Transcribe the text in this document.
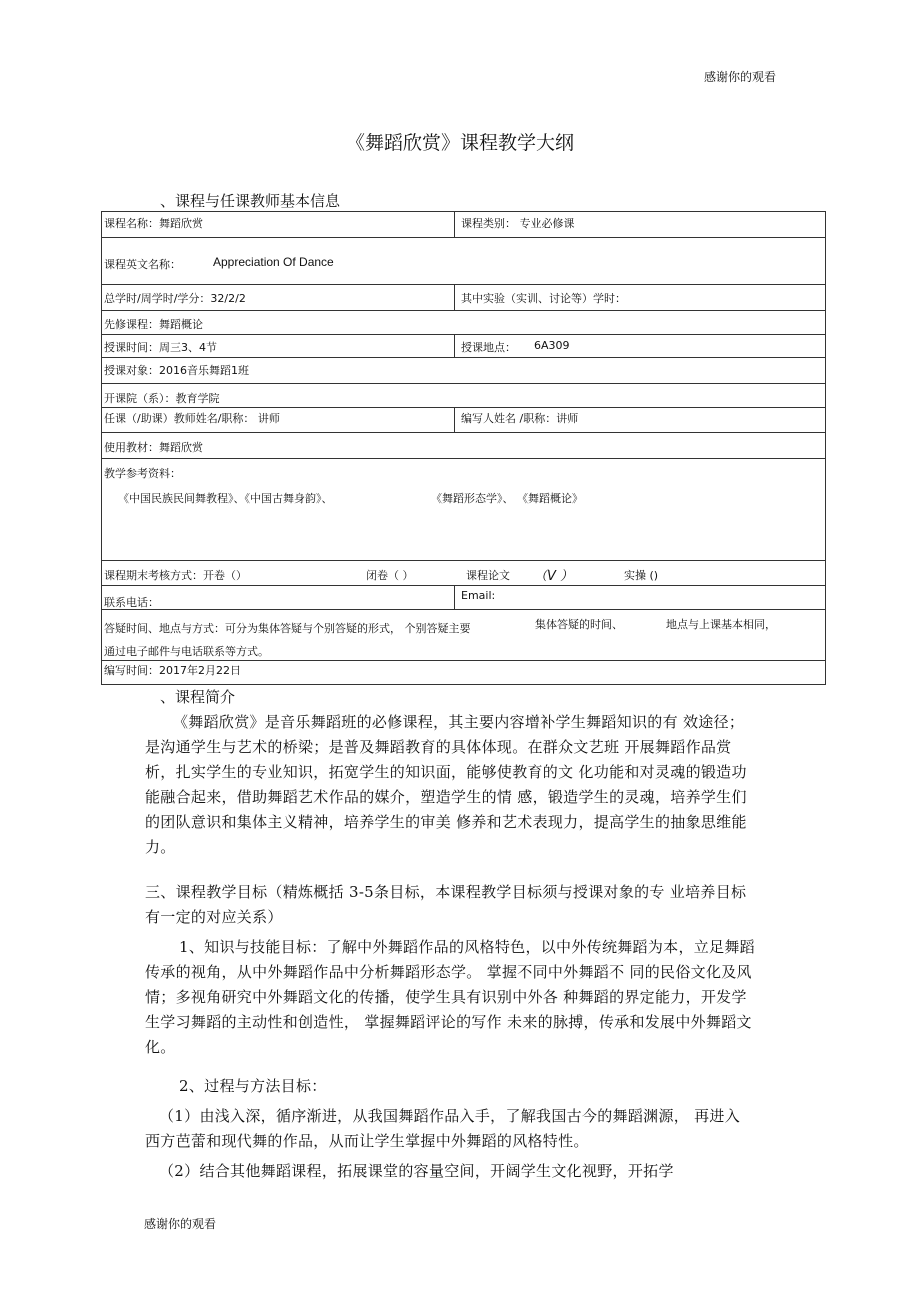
感谢你的观看
《舞蹈欣赏》课程教学大纲
、课程与任课教师基本信息
课程名称：舞蹈欣赏	课程类别： 专业必修课
课程英文名称：	Appreciation Of Dance
总学时/周学时/学分：32/2/2	其中实验（实训、讨论等）学时：
先修课程：舞蹈概论
授课时间：周三3、4节	授课地点： 6A309
授课对象：2016音乐舞蹈1班
开课院（系）：教育学院
任课（/助课）教师姓名/职称： 讲师	编写人姓名 /职称：讲师
使用教材：舞蹈欣赏
教学参考资料：
《中国民族民间舞教程》、《中国古舞身韵》、	《舞蹈形态学》、 《舞蹈概论》
课程期末考核方式：开卷（）	闭卷（ ）	课程论文 （V ）	实操 ()
联系电话：
Email:
答疑时间、地点与方式：可分为集体答疑与个别答疑的形式， 个别答疑主要	集体答疑的时间、	地点与上课基本相同，
通过电子邮件与电话联系等方式。
编写时间：2017年2月22日
、课程简介
《舞蹈欣赏》是音乐舞蹈班的必修课程，其主要内容增补学生舞蹈知识的有 效途径；
是沟通学生与艺术的桥梁；是普及舞蹈教育的具体体现。在群众文艺班 开展舞蹈作品赏
析，扎实学生的专业知识，拓宽学生的知识面，能够使教育的文 化功能和对灵魂的锻造功
能融合起来，借助舞蹈艺术作品的媒介，塑造学生的情 感，锻造学生的灵魂，培养学生们
的团队意识和集体主义精神，培养学生的审美 修养和艺术表现力，提高学生的抽象思维能
力。
三、课程教学目标（精炼概括 3-5条目标，本课程教学目标须与授课对象的专 业培养目标
有一定的对应关系）
1、知识与技能目标：了解中外舞蹈作品的风格特色，以中外传统舞蹈为本，立足舞蹈
传承的视角，从中外舞蹈作品中分析舞蹈形态学。 掌握不同中外舞蹈不 同的民俗文化及风
情；多视角研究中外舞蹈文化的传播，使学生具有识别中外各 种舞蹈的界定能力，开发学
生学习舞蹈的主动性和创造性， 掌握舞蹈评论的写作 未来的脉搏，传承和发展中外舞蹈文
化。
2、过程与方法目标：
（1）由浅入深，循序渐进，从我国舞蹈作品入手，了解我国古今的舞蹈渊源， 再进入
西方芭蕾和现代舞的作品，从而让学生掌握中外舞蹈的风格特性。
（2）结合其他舞蹈课程，拓展课堂的容量空间，开阔学生文化视野，开拓学
感谢你的观看
